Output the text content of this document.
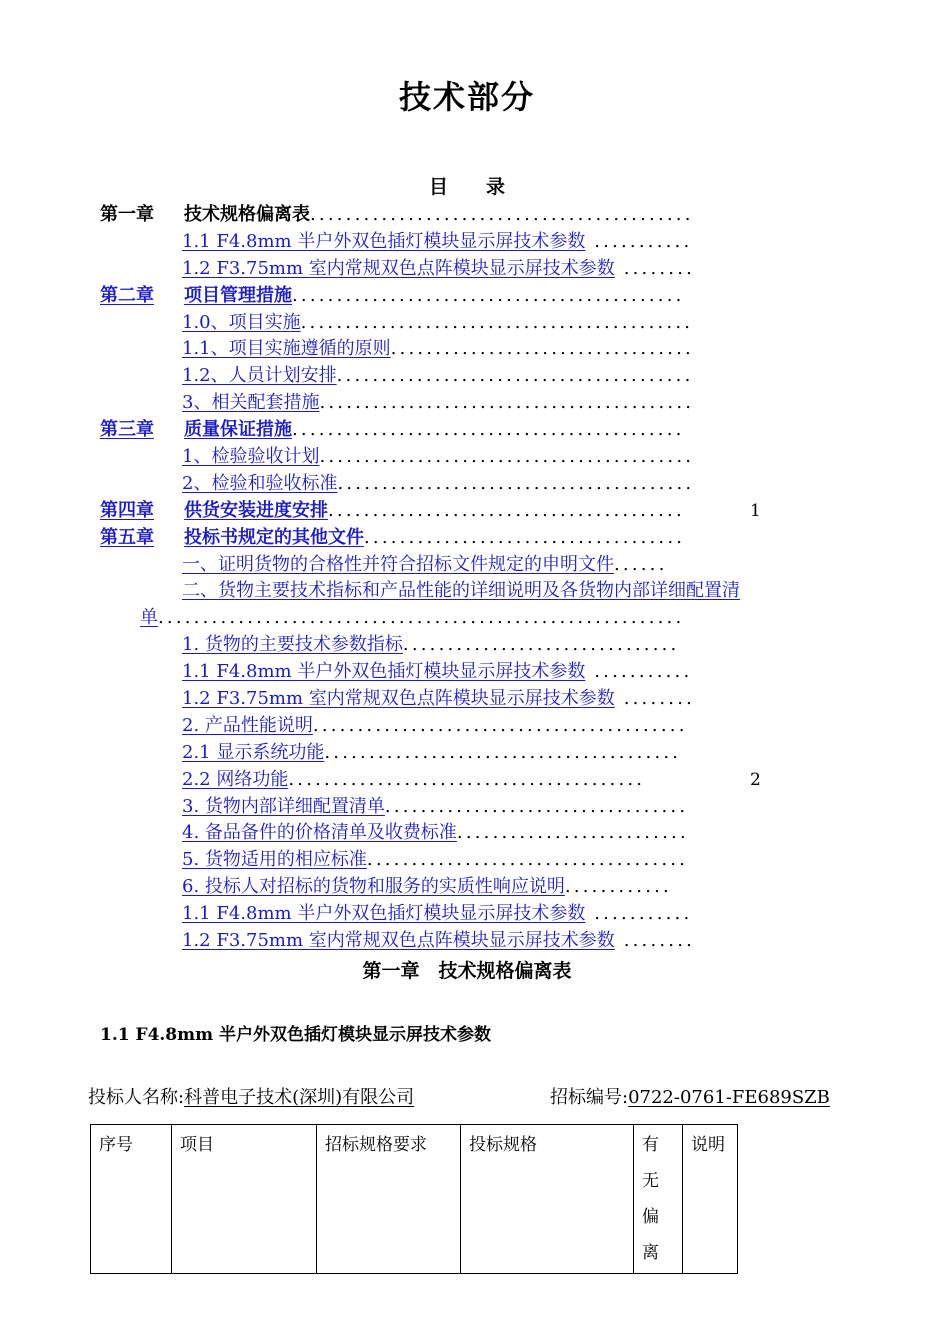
技术部分
目 录
第一章 技术规格偏离表...........................................
1.1 F4.8mm 半户外双色插灯模块显示屏技术参数 ...........
1.2 F3.75mm 室内常规双色点阵模块显示屏技术参数 ........
第二章 项目管理措施............................................
1.0、项目实施............................................
1.1、项目实施遵循的原则..................................
1.2、人员计划安排........................................
3、相关配套措施..........................................
第三章 质量保证措施............................................
1、检验验收计划..........................................
2、检验和验收标准........................................
第四章 供货安装进度安排........................................	1
第五章 投标书规定的其他文件....................................
一、证明货物的合格性并符合招标文件规定的申明文件......
二、货物主要技术指标和产品性能的详细说明及各货物内部详细配置清
单...........................................................
1. 货物的主要技术参数指标...............................
1.1 F4.8mm 半户外双色插灯模块显示屏技术参数 ...........
1.2 F3.75mm 室内常规双色点阵模块显示屏技术参数 ........
2. 产品性能说明..........................................
2.1 显示系统功能........................................
2.2 网络功能........................................	2
3. 货物内部详细配置清单..................................
4. 备品备件的价格清单及收费标准..........................
5. 货物适用的相应标准....................................
6. 投标人对招标的货物和服务的实质性响应说明............
1.1 F4.8mm 半户外双色插灯模块显示屏技术参数 ...........
1.2 F3.75mm 室内常规双色点阵模块显示屏技术参数 ........
第一章　技术规格偏离表
1.1 F4.8mm 半户外双色插灯模块显示屏技术参数
投标人名称:科普电子技术(深圳)有限公司	招标编号:0722-0761-FE689SZB
序号	项目	招标规格要求	投标规格	有无偏离	说明
